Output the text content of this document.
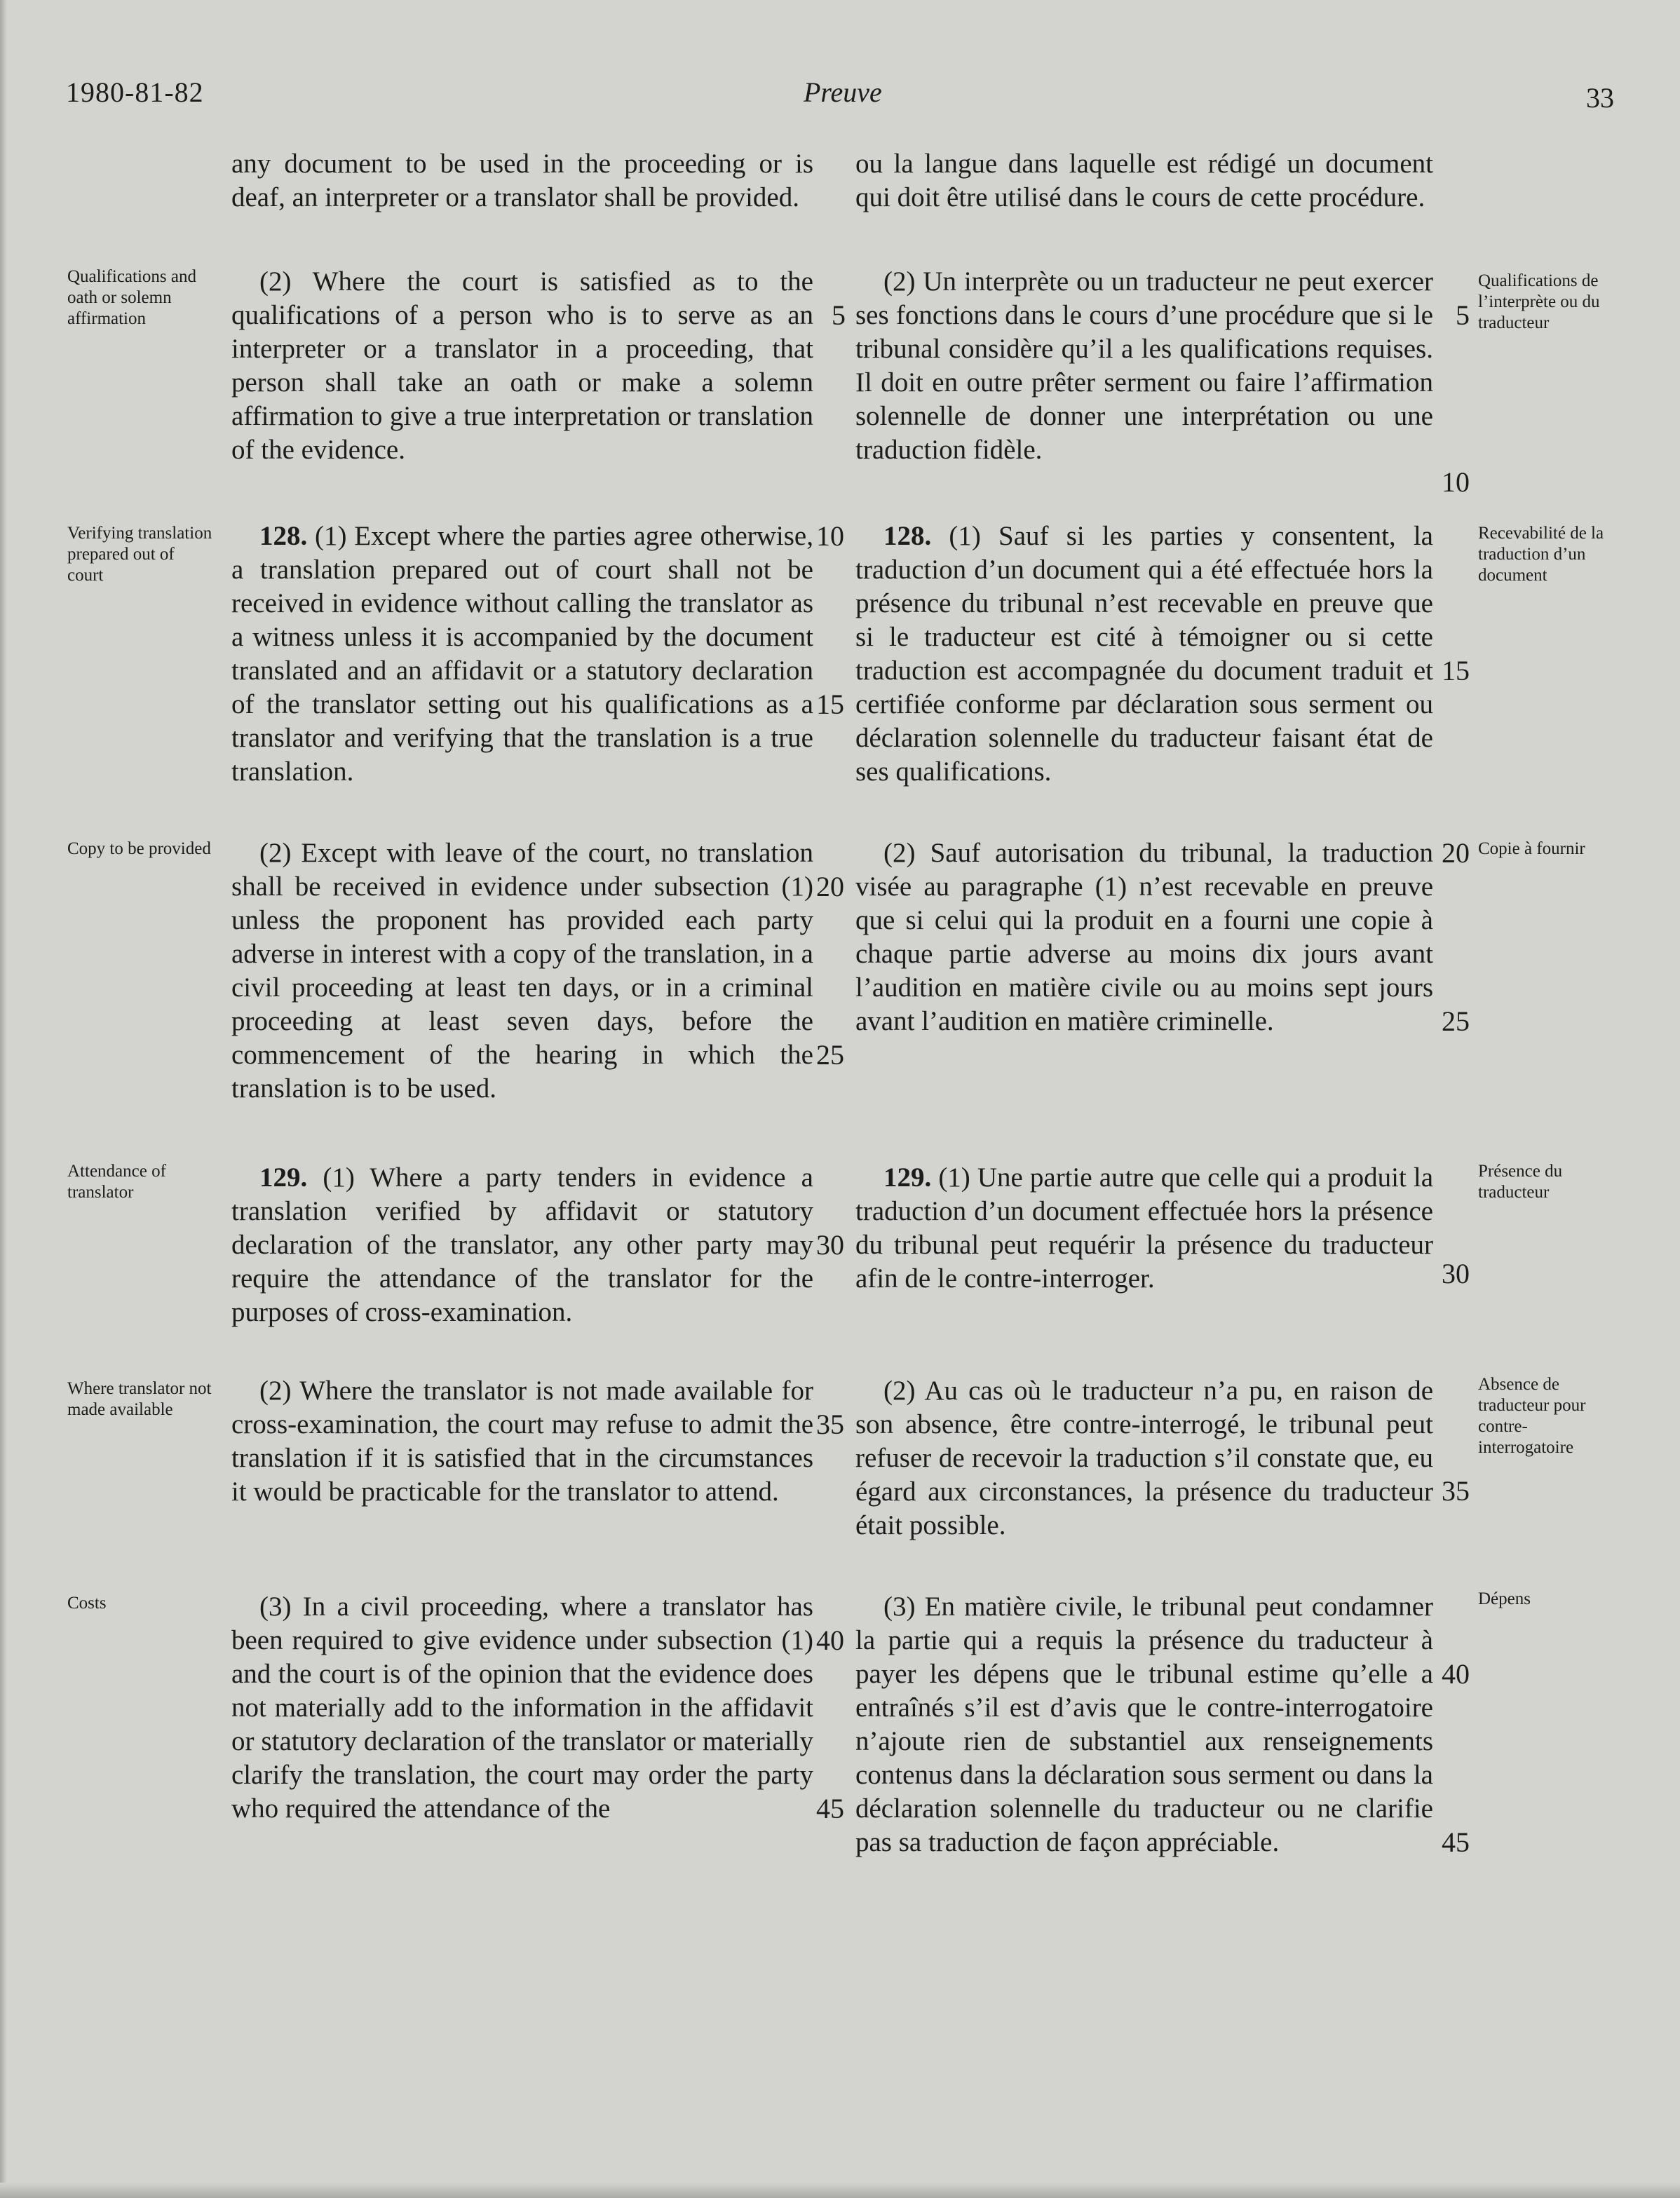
1980-81-82	Preuve	33

any document to be used in the proceeding or is deaf, an interpreter or a translator shall be provided.

(2) Where the court is satisfied as to the qualifications of a person who is to serve as an interpreter or a translator in a proceeding, that person shall take an oath or make a solemn affirmation to give a true interpretation or translation of the evidence.

128. (1) Except where the parties agree otherwise, a translation prepared out of court shall not be received in evidence without calling the translator as a witness unless it is accompanied by the document translated and an affidavit or a statutory declaration of the translator setting out his qualifications as a translator and verifying that the translation is a true translation.

(2) Except with leave of the court, no translation shall be received in evidence under subsection (1) unless the proponent has provided each party adverse in interest with a copy of the translation, in a civil proceeding at least ten days, or in a criminal proceeding at least seven days, before the commencement of the hearing in which the translation is to be used.

129. (1) Where a party tenders in evidence a translation verified by affidavit or statutory declaration of the translator, any other party may require the attendance of the translator for the purposes of cross-examination.

(2) Where the translator is not made available for cross-examination, the court may refuse to admit the translation if it is satisfied that in the circumstances it would be practicable for the translator to attend.

(3) In a civil proceeding, where a translator has been required to give evidence under subsection (1) and the court is of the opinion that the evidence does not materially add to the information in the affidavit or statutory declaration of the translator or materially clarify the translation, the court may order the party who required the attendance of the

ou la langue dans laquelle est rédigé un document qui doit être utilisé dans le cours de cette procédure.

(2) Un interprète ou un traducteur ne peut exercer ses fonctions dans le cours d’une procédure que si le tribunal considère qu’il a les qualifications requises. Il doit en outre prêter serment ou faire l’affirmation solennelle de donner une interprétation ou une traduction fidèle.

128. (1) Sauf si les parties y consentent, la traduction d’un document qui a été effectuée hors la présence du tribunal n’est recevable en preuve que si le traducteur est cité à témoigner ou si cette traduction est accompagnée du document traduit et certifiée conforme par déclaration sous serment ou déclaration solennelle du traducteur faisant état de ses qualifications.

(2) Sauf autorisation du tribunal, la traduction visée au paragraphe (1) n’est recevable en preuve que si celui qui la produit en a fourni une copie à chaque partie adverse au moins dix jours avant l’audition en matière civile ou au moins sept jours avant l’audition en matière criminelle.

129. (1) Une partie autre que celle qui a produit la traduction d’un document effectuée hors la présence du tribunal peut requérir la présence du traducteur afin de le contre-interroger.

(2) Au cas où le traducteur n’a pu, en raison de son absence, être contre-interrogé, le tribunal peut refuser de recevoir la traduction s’il constate que, eu égard aux circonstances, la présence du traducteur était possible.

(3) En matière civile, le tribunal peut condamner la partie qui a requis la présence du traducteur à payer les dépens que le tribunal estime qu’elle a entraînés s’il est d’avis que le contre-interrogatoire n’ajoute rien de substantiel aux renseignements contenus dans la déclaration sous serment ou dans la déclaration solennelle du traducteur ou ne clarifie pas sa traduction de façon appréciable.

Qualifications and oath or solemn affirmation
Verifying translation prepared out of court
Copy to be provided
Attendance of translator
Where translator not made available
Costs
Qualifications de l’interprète ou du traducteur
Recevabilité de la traduction d’un document
Copie à fournir
Présence du traducteur
Absence de traducteur pour contre-interrogatoire
Dépens
5
10
15
20
25
30
35
40
45
5
10
15
20
25
30
35
40
45
